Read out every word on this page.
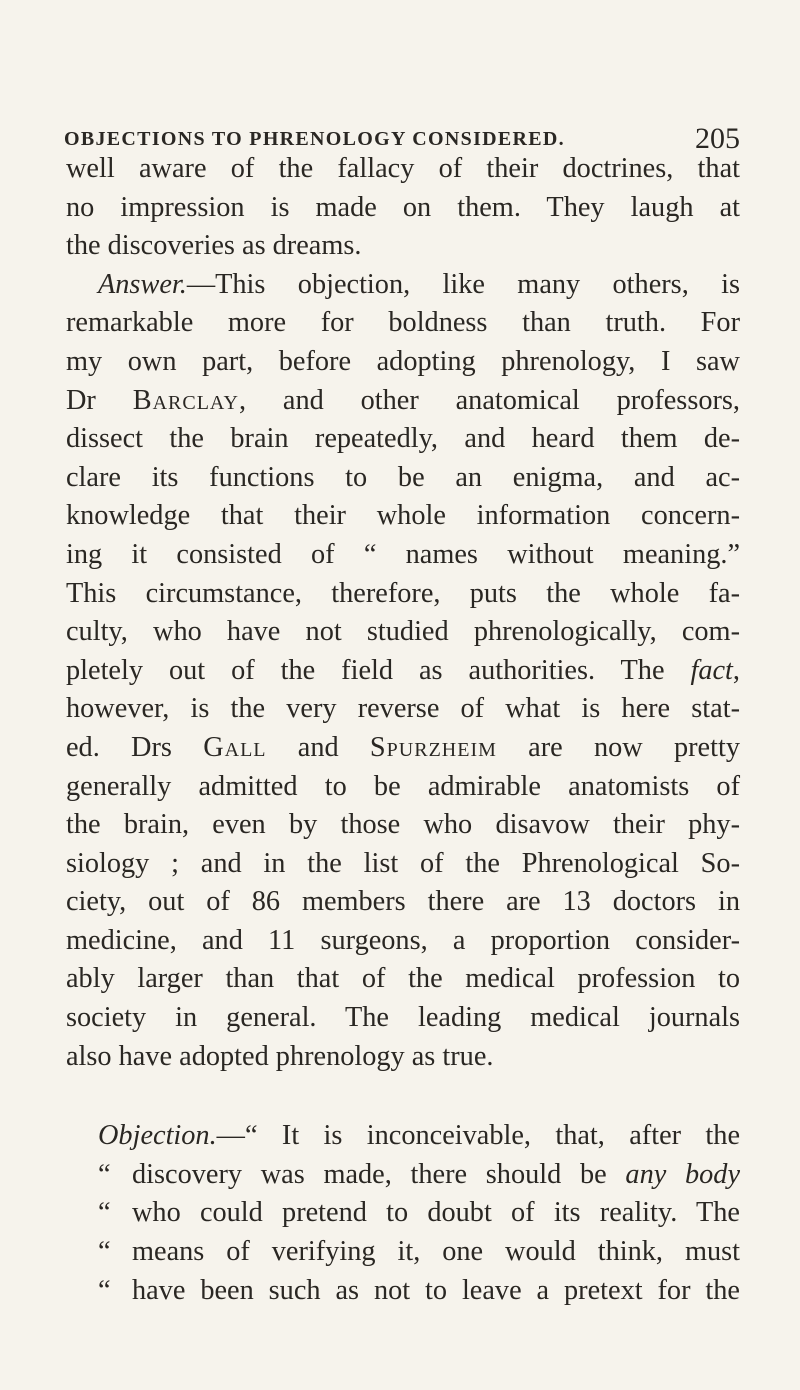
OBJECTIONS TO PHRENOLOGY CONSIDERED.	205
well aware of the fallacy of their doctrines, that
no impression is made on them. They laugh at
the discoveries as dreams.
Answer.—This objection, like many others, is
remarkable more for boldness than truth. For
my own part, before adopting phrenology, I saw
Dr Barclay, and other anatomical professors,
dissect the brain repeatedly, and heard them de-
clare its functions to be an enigma, and ac-
knowledge that their whole information concern-
ing it consisted of “ names without meaning.”
This circumstance, therefore, puts the whole fa-
culty, who have not studied phrenologically, com-
pletely out of the field as authorities. The fact,
however, is the very reverse of what is here stat-
ed. Drs Gall and Spurzheim are now pretty
generally admitted to be admirable anatomists of
the brain, even by those who disavow their phy-
siology ; and in the list of the Phrenological So-
ciety, out of 86 members there are 13 doctors in
medicine, and 11 surgeons, a proportion consider-
ably larger than that of the medical profession to
society in general. The leading medical journals
also have adopted phrenology as true.
Objection.—“ It is inconceivable, that, after the
“ discovery was made, there should be any body
“ who could pretend to doubt of its reality. The
“ means of verifying it, one would think, must
“ have been such as not to leave a pretext for the
